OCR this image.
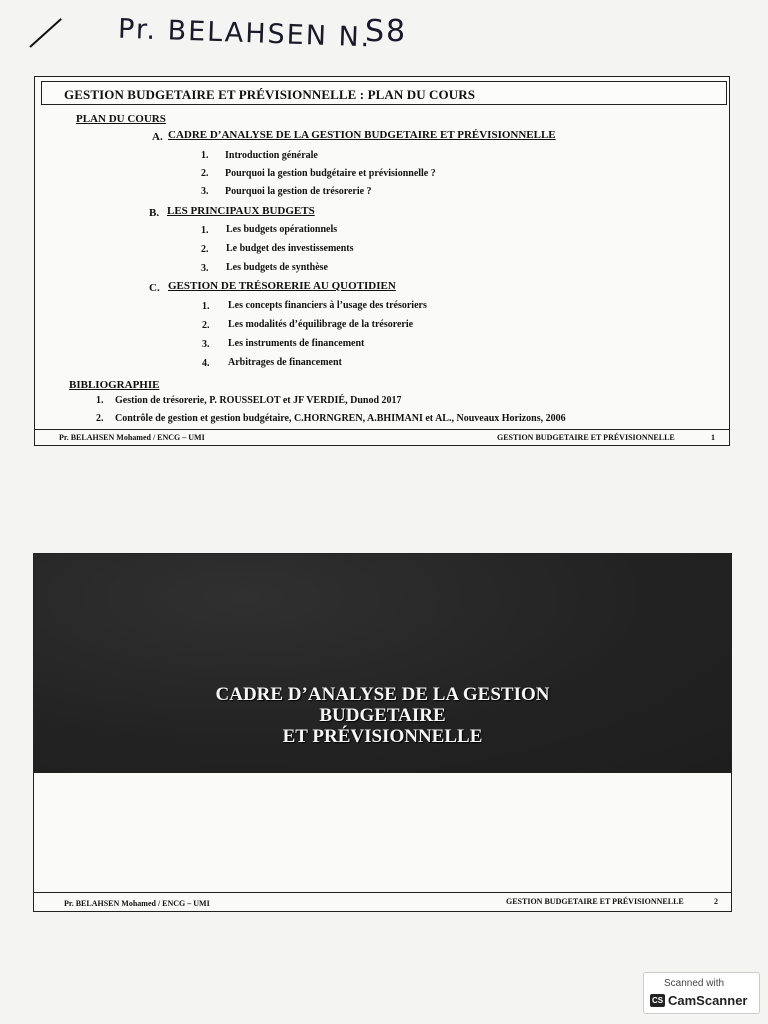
Pr. BELAHSEN N.
S8
GESTION BUDGETAIRE ET PRÉVISIONNELLE : PLAN DU COURS
PLAN DU COURS
A. CADRE D’ANALYSE DE LA GESTION BUDGETAIRE ET PRÉVISIONNELLE
1. Introduction générale
2. Pourquoi la gestion budgétaire et prévisionnelle ?
3. Pourquoi la gestion de trésorerie ?
B. LES PRINCIPAUX BUDGETS
1. Les budgets opérationnels
2. Le budget des investissements
3. Les budgets de synthèse
C. GESTION DE TRÉSORERIE AU QUOTIDIEN
1. Les concepts financiers à l’usage des trésoriers
2. Les modalités d’équilibrage de la trésorerie
3. Les instruments de financement
4. Arbitrages de financement
BIBLIOGRAPHIE
1. Gestion de trésorerie, P. ROUSSELOT et JF VERDIÉ, Dunod 2017
2. Contrôle de gestion et gestion budgétaire, C.HORNGREN, A.BHIMANI et AL., Nouveaux Horizons, 2006
Pr. BELAHSEN Mohamed / ENCG – UMI	GESTION BUDGETAIRE ET PRÉVISIONNELLE	1
CADRE D’ANALYSE DE LA GESTION
BUDGETAIRE
ET PRÉVISIONNELLE
Pr. BELAHSEN Mohamed / ENCG – UMI	GESTION BUDGETAIRE ET PRÉVISIONNELLE	2
Scanned with
CS CamScanner
